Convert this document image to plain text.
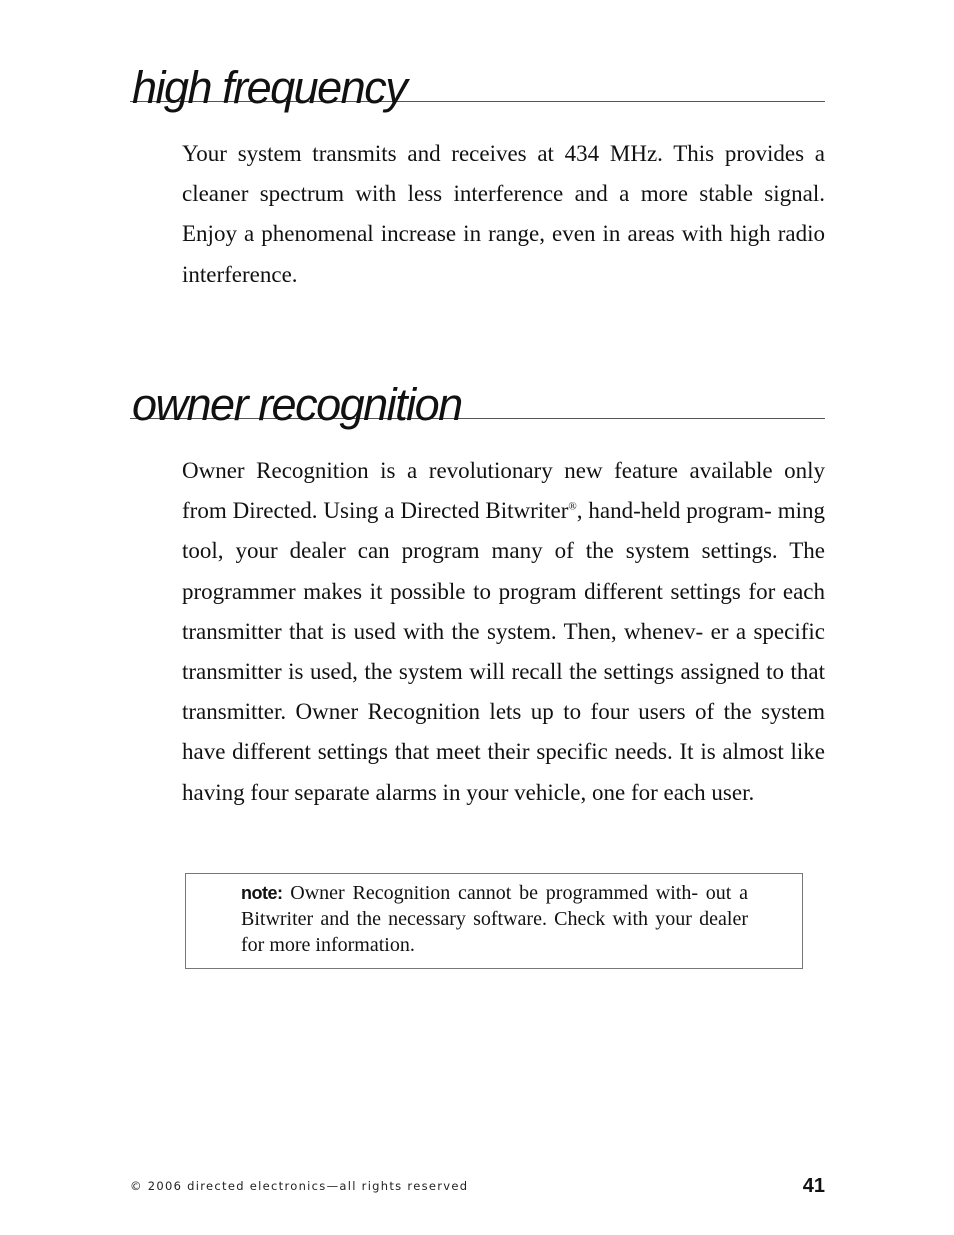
high frequency

Your system transmits and receives at 434 MHz. This provides a cleaner spectrum with less interference and a more stable signal. Enjoy a phenomenal increase in range, even in areas with high radio interference.

owner recognition

Owner Recognition is a revolutionary new feature available only from Directed. Using a Directed Bitwriter®, hand-held program- ming tool, your dealer can program many of the system settings. The programmer makes it possible to program different settings for each transmitter that is used with the system. Then, whenev- er a specific transmitter is used, the system will recall the settings assigned to that transmitter. Owner Recognition lets up to four users of the system have different settings that meet their specific needs. It is almost like having four separate alarms in your vehicle, one for each user.

note: Owner Recognition cannot be programmed with- out a Bitwriter and the necessary software. Check with your dealer for more information.

© 2006 directed electronics—all rights reserved	41
